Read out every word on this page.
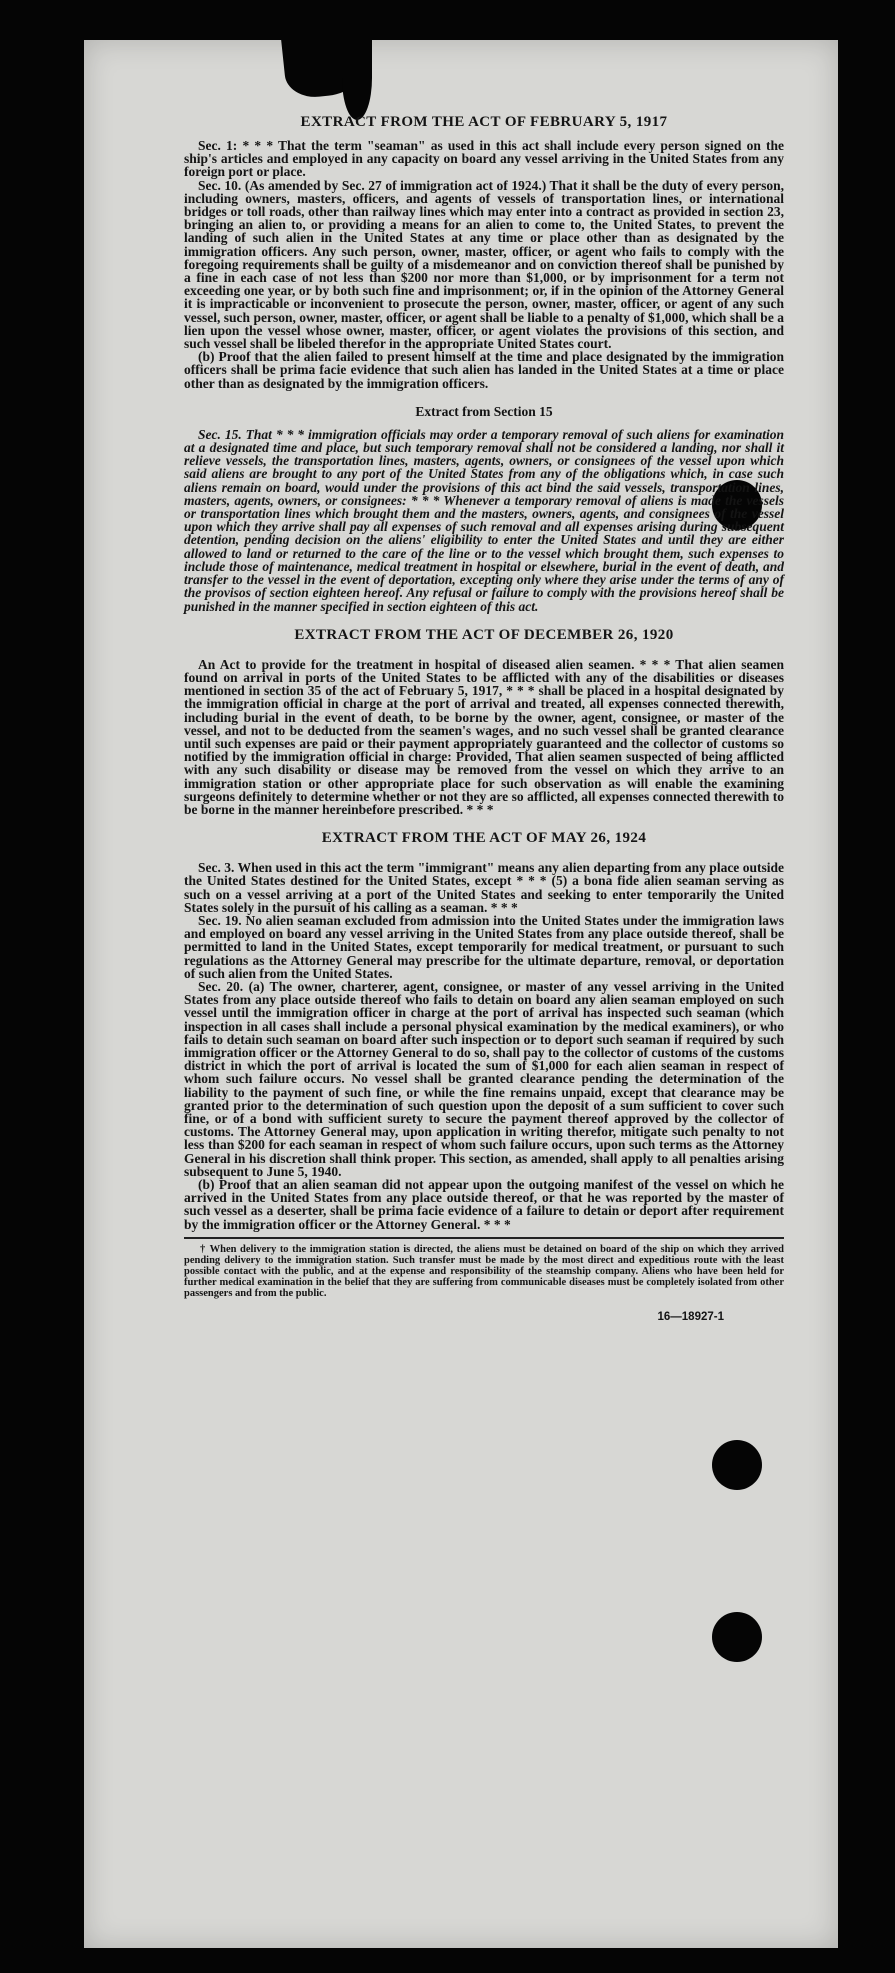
EXTRACT FROM THE ACT OF FEBRUARY 5, 1917

Sec. 1: * * * That the term "seaman" as used in this act shall include every person signed on the ship's articles and employed in any capacity on board any vessel arriving in the United States from any foreign port or place.

Sec. 10. (As amended by Sec. 27 of immigration act of 1924.) That it shall be the duty of every person, including owners, masters, officers, and agents of vessels of transportation lines, or international bridges or toll roads, other than railway lines which may enter into a contract as provided in section 23, bringing an alien to, or providing a means for an alien to come to, the United States, to prevent the landing of such alien in the United States at any time or place other than as designated by the immigration officers. Any such person, owner, master, officer, or agent who fails to comply with the foregoing requirements shall be guilty of a misdemeanor and on conviction thereof shall be punished by a fine in each case of not less than $200 nor more than $1,000, or by imprisonment for a term not exceeding one year, or by both such fine and imprisonment; or, if in the opinion of the Attorney General it is impracticable or inconvenient to prosecute the person, owner, master, officer, or agent of any such vessel, such person, owner, master, officer, or agent shall be liable to a penalty of $1,000, which shall be a lien upon the vessel whose owner, master, officer, or agent violates the provisions of this section, and such vessel shall be libeled therefor in the appropriate United States court.

(b) Proof that the alien failed to present himself at the time and place designated by the immigration officers shall be prima facie evidence that such alien has landed in the United States at a time or place other than as designated by the immigration officers.

Extract from Section 15

Sec. 15. That * * * immigration officials may order a temporary removal of such aliens for examination at a designated time and place, but such temporary removal shall not be considered a landing, nor shall it relieve vessels, the transportation lines, masters, agents, owners, or consignees of the vessel upon which said aliens are brought to any port of the United States from any of the obligations which, in case such aliens remain on board, would under the provisions of this act bind the said vessels, transportation lines, masters, agents, owners, or consignees: * * * Whenever a temporary removal of aliens is made the vessels or transportation lines which brought them and the masters, owners, agents, and consignees of the vessel upon which they arrive shall pay all expenses of such removal and all expenses arising during subsequent detention, pending decision on the aliens' eligibility to enter the United States and until they are either allowed to land or returned to the care of the line or to the vessel which brought them, such expenses to include those of maintenance, medical treatment in hospital or elsewhere, burial in the event of death, and transfer to the vessel in the event of deportation, excepting only where they arise under the terms of any of the provisos of section eighteen hereof. Any refusal or failure to comply with the provisions hereof shall be punished in the manner specified in section eighteen of this act.

EXTRACT FROM THE ACT OF DECEMBER 26, 1920

An Act to provide for the treatment in hospital of diseased alien seamen. * * * That alien seamen found on arrival in ports of the United States to be afflicted with any of the disabilities or diseases mentioned in section 35 of the act of February 5, 1917, * * * shall be placed in a hospital designated by the immigration official in charge at the port of arrival and treated, all expenses connected therewith, including burial in the event of death, to be borne by the owner, agent, consignee, or master of the vessel, and not to be deducted from the seamen's wages, and no such vessel shall be granted clearance until such expenses are paid or their payment appropriately guaranteed and the collector of customs so notified by the immigration official in charge: Provided, That alien seamen suspected of being afflicted with any such disability or disease may be removed from the vessel on which they arrive to an immigration station or other appropriate place for such observation as will enable the examining surgeons definitely to determine whether or not they are so afflicted, all expenses connected therewith to be borne in the manner hereinbefore prescribed. * * *

EXTRACT FROM THE ACT OF MAY 26, 1924

Sec. 3. When used in this act the term "immigrant" means any alien departing from any place outside the United States destined for the United States, except * * * (5) a bona fide alien seaman serving as such on a vessel arriving at a port of the United States and seeking to enter temporarily the United States solely in the pursuit of his calling as a seaman. * * *

Sec. 19. No alien seaman excluded from admission into the United States under the immigration laws and employed on board any vessel arriving in the United States from any place outside thereof, shall be permitted to land in the United States, except temporarily for medical treatment, or pursuant to such regulations as the Attorney General may prescribe for the ultimate departure, removal, or deportation of such alien from the United States.

Sec. 20. (a) The owner, charterer, agent, consignee, or master of any vessel arriving in the United States from any place outside thereof who fails to detain on board any alien seaman employed on such vessel until the immigration officer in charge at the port of arrival has inspected such seaman (which inspection in all cases shall include a personal physical examination by the medical examiners), or who fails to detain such seaman on board after such inspection or to deport such seaman if required by such immigration officer or the Attorney General to do so, shall pay to the collector of customs of the customs district in which the port of arrival is located the sum of $1,000 for each alien seaman in respect of whom such failure occurs. No vessel shall be granted clearance pending the determination of the liability to the payment of such fine, or while the fine remains unpaid, except that clearance may be granted prior to the determination of such question upon the deposit of a sum sufficient to cover such fine, or of a bond with sufficient surety to secure the payment thereof approved by the collector of customs. The Attorney General may, upon application in writing therefor, mitigate such penalty to not less than $200 for each seaman in respect of whom such failure occurs, upon such terms as the Attorney General in his discretion shall think proper. This section, as amended, shall apply to all penalties arising subsequent to June 5, 1940.

(b) Proof that an alien seaman did not appear upon the outgoing manifest of the vessel on which he arrived in the United States from any place outside thereof, or that he was reported by the master of such vessel as a deserter, shall be prima facie evidence of a failure to detain or deport after requirement by the immigration officer or the Attorney General. * * *

† When delivery to the immigration station is directed, the aliens must be detained on board of the ship on which they arrived pending delivery to the immigration station. Such transfer must be made by the most direct and expeditious route with the least possible contact with the public, and at the expense and responsibility of the steamship company. Aliens who have been held for further medical examination in the belief that they are suffering from communicable diseases must be completely isolated from other passengers and from the public.

16—18927-1
